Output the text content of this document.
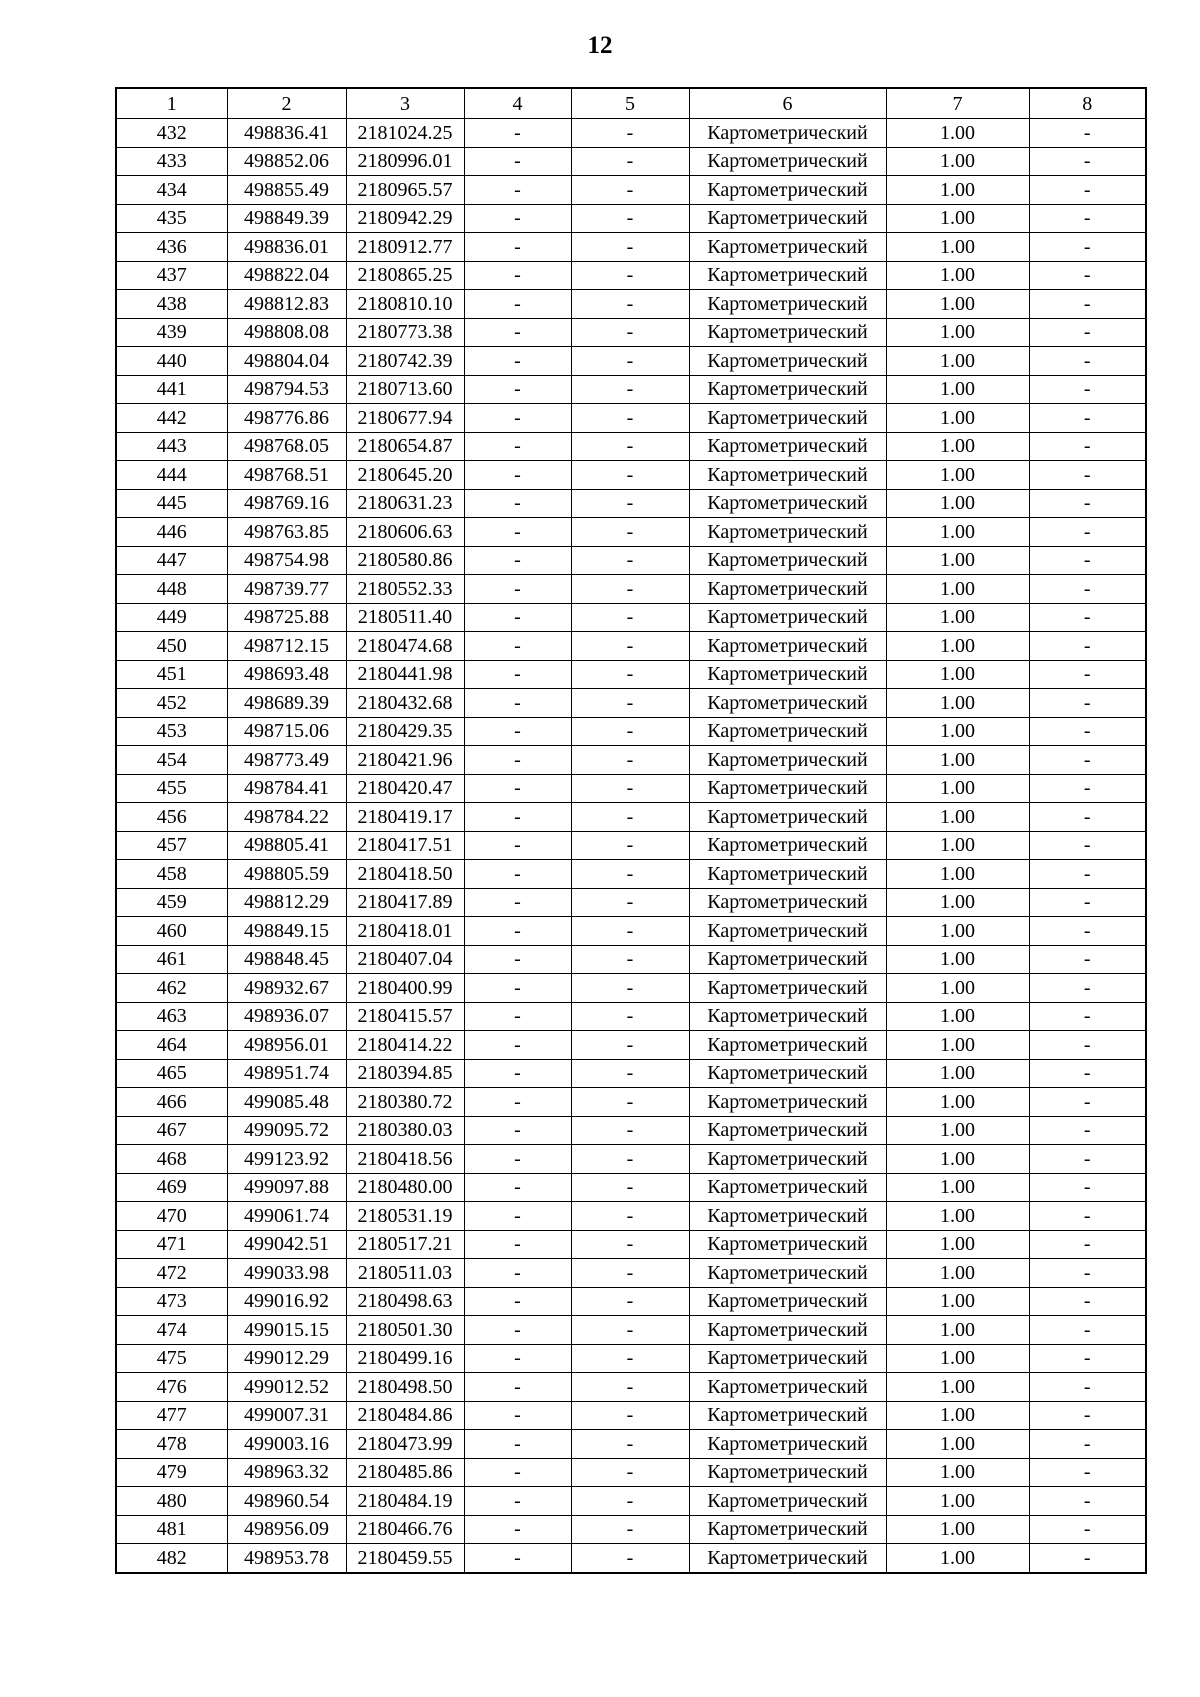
12
1	2	3	4	5	6	7	8
432	498836.41	2181024.25	-	-	Картометрический	1.00	-
433	498852.06	2180996.01	-	-	Картометрический	1.00	-
434	498855.49	2180965.57	-	-	Картометрический	1.00	-
435	498849.39	2180942.29	-	-	Картометрический	1.00	-
436	498836.01	2180912.77	-	-	Картометрический	1.00	-
437	498822.04	2180865.25	-	-	Картометрический	1.00	-
438	498812.83	2180810.10	-	-	Картометрический	1.00	-
439	498808.08	2180773.38	-	-	Картометрический	1.00	-
440	498804.04	2180742.39	-	-	Картометрический	1.00	-
441	498794.53	2180713.60	-	-	Картометрический	1.00	-
442	498776.86	2180677.94	-	-	Картометрический	1.00	-
443	498768.05	2180654.87	-	-	Картометрический	1.00	-
444	498768.51	2180645.20	-	-	Картометрический	1.00	-
445	498769.16	2180631.23	-	-	Картометрический	1.00	-
446	498763.85	2180606.63	-	-	Картометрический	1.00	-
447	498754.98	2180580.86	-	-	Картометрический	1.00	-
448	498739.77	2180552.33	-	-	Картометрический	1.00	-
449	498725.88	2180511.40	-	-	Картометрический	1.00	-
450	498712.15	2180474.68	-	-	Картометрический	1.00	-
451	498693.48	2180441.98	-	-	Картометрический	1.00	-
452	498689.39	2180432.68	-	-	Картометрический	1.00	-
453	498715.06	2180429.35	-	-	Картометрический	1.00	-
454	498773.49	2180421.96	-	-	Картометрический	1.00	-
455	498784.41	2180420.47	-	-	Картометрический	1.00	-
456	498784.22	2180419.17	-	-	Картометрический	1.00	-
457	498805.41	2180417.51	-	-	Картометрический	1.00	-
458	498805.59	2180418.50	-	-	Картометрический	1.00	-
459	498812.29	2180417.89	-	-	Картометрический	1.00	-
460	498849.15	2180418.01	-	-	Картометрический	1.00	-
461	498848.45	2180407.04	-	-	Картометрический	1.00	-
462	498932.67	2180400.99	-	-	Картометрический	1.00	-
463	498936.07	2180415.57	-	-	Картометрический	1.00	-
464	498956.01	2180414.22	-	-	Картометрический	1.00	-
465	498951.74	2180394.85	-	-	Картометрический	1.00	-
466	499085.48	2180380.72	-	-	Картометрический	1.00	-
467	499095.72	2180380.03	-	-	Картометрический	1.00	-
468	499123.92	2180418.56	-	-	Картометрический	1.00	-
469	499097.88	2180480.00	-	-	Картометрический	1.00	-
470	499061.74	2180531.19	-	-	Картометрический	1.00	-
471	499042.51	2180517.21	-	-	Картометрический	1.00	-
472	499033.98	2180511.03	-	-	Картометрический	1.00	-
473	499016.92	2180498.63	-	-	Картометрический	1.00	-
474	499015.15	2180501.30	-	-	Картометрический	1.00	-
475	499012.29	2180499.16	-	-	Картометрический	1.00	-
476	499012.52	2180498.50	-	-	Картометрический	1.00	-
477	499007.31	2180484.86	-	-	Картометрический	1.00	-
478	499003.16	2180473.99	-	-	Картометрический	1.00	-
479	498963.32	2180485.86	-	-	Картометрический	1.00	-
480	498960.54	2180484.19	-	-	Картометрический	1.00	-
481	498956.09	2180466.76	-	-	Картометрический	1.00	-
482	498953.78	2180459.55	-	-	Картометрический	1.00	-
